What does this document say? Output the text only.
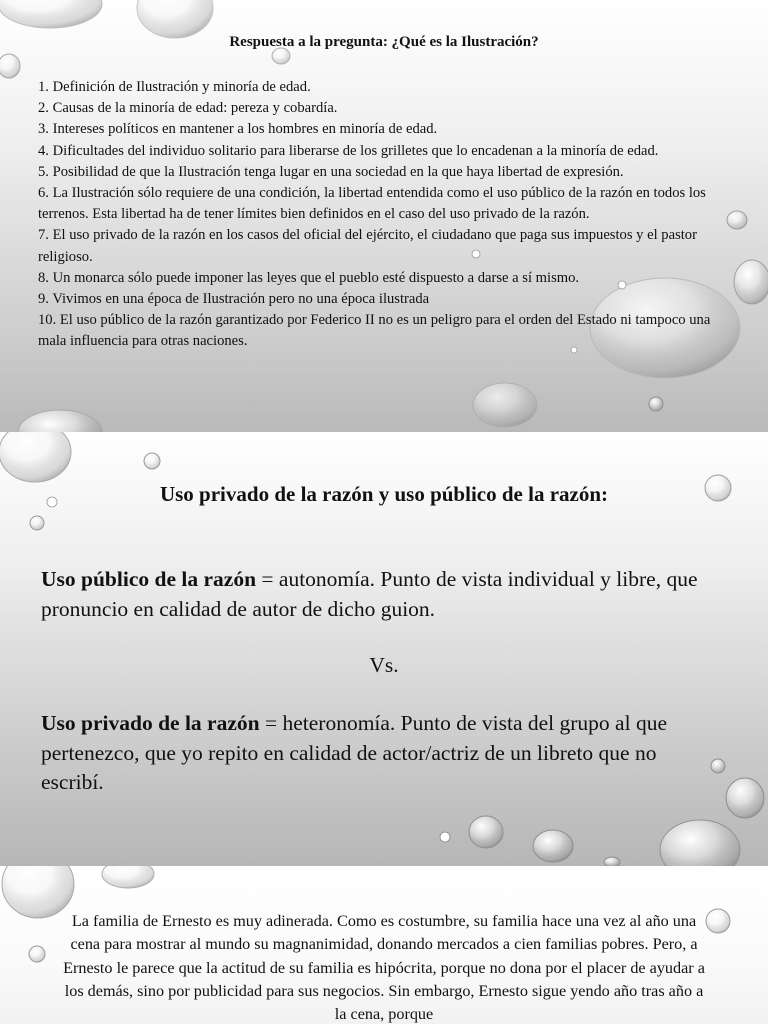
Respuesta a la pregunta: ¿Qué es la Ilustración?
1. Definición de Ilustración y minoría de edad.
2. Causas de la minoría de edad: pereza y cobardía.
3. Intereses políticos en mantener a los hombres en minoría de edad.
4. Dificultades del individuo solitario para liberarse de los grilletes que lo encadenan a la minoría de edad.
5. Posibilidad de que la Ilustración tenga lugar en una sociedad en la que haya libertad de expresión.
6. La Ilustración sólo requiere de una condición, la libertad entendida como el uso público de la razón en todos los terrenos. Esta libertad ha de tener límites bien definidos en el caso del uso privado de la razón.
7. El uso privado de la razón en los casos del oficial del ejército, el ciudadano que paga sus impuestos y el pastor religioso.
8. Un monarca sólo puede imponer las leyes que el pueblo esté dispuesto a darse a sí mismo.
9. Vivimos en una época de Ilustración pero no una época ilustrada
10. El uso público de la razón garantizado por Federico II no es un peligro para el orden del Estado ni tampoco una mala influencia para otras naciones.
Uso privado de la razón y uso público de la razón:
Uso público de la razón = autonomía. Punto de vista individual y libre, que pronuncio en calidad de autor de dicho guion.
Vs.
Uso privado de la razón = heteronomía. Punto de vista del grupo al que pertenezco, que yo repito en calidad de actor/actriz de un libreto que no escribí.
La familia de Ernesto es muy adinerada. Como es costumbre, su familia hace una vez al año una cena para mostrar al mundo su magnanimidad, donando mercados a cien familias pobres. Pero, a Ernesto le parece que la actitud de su familia es hipócrita, porque no dona por el placer de ayudar a los demás, sino por publicidad para sus negocios. Sin embargo, Ernesto sigue yendo año tras año a la cena, porque
